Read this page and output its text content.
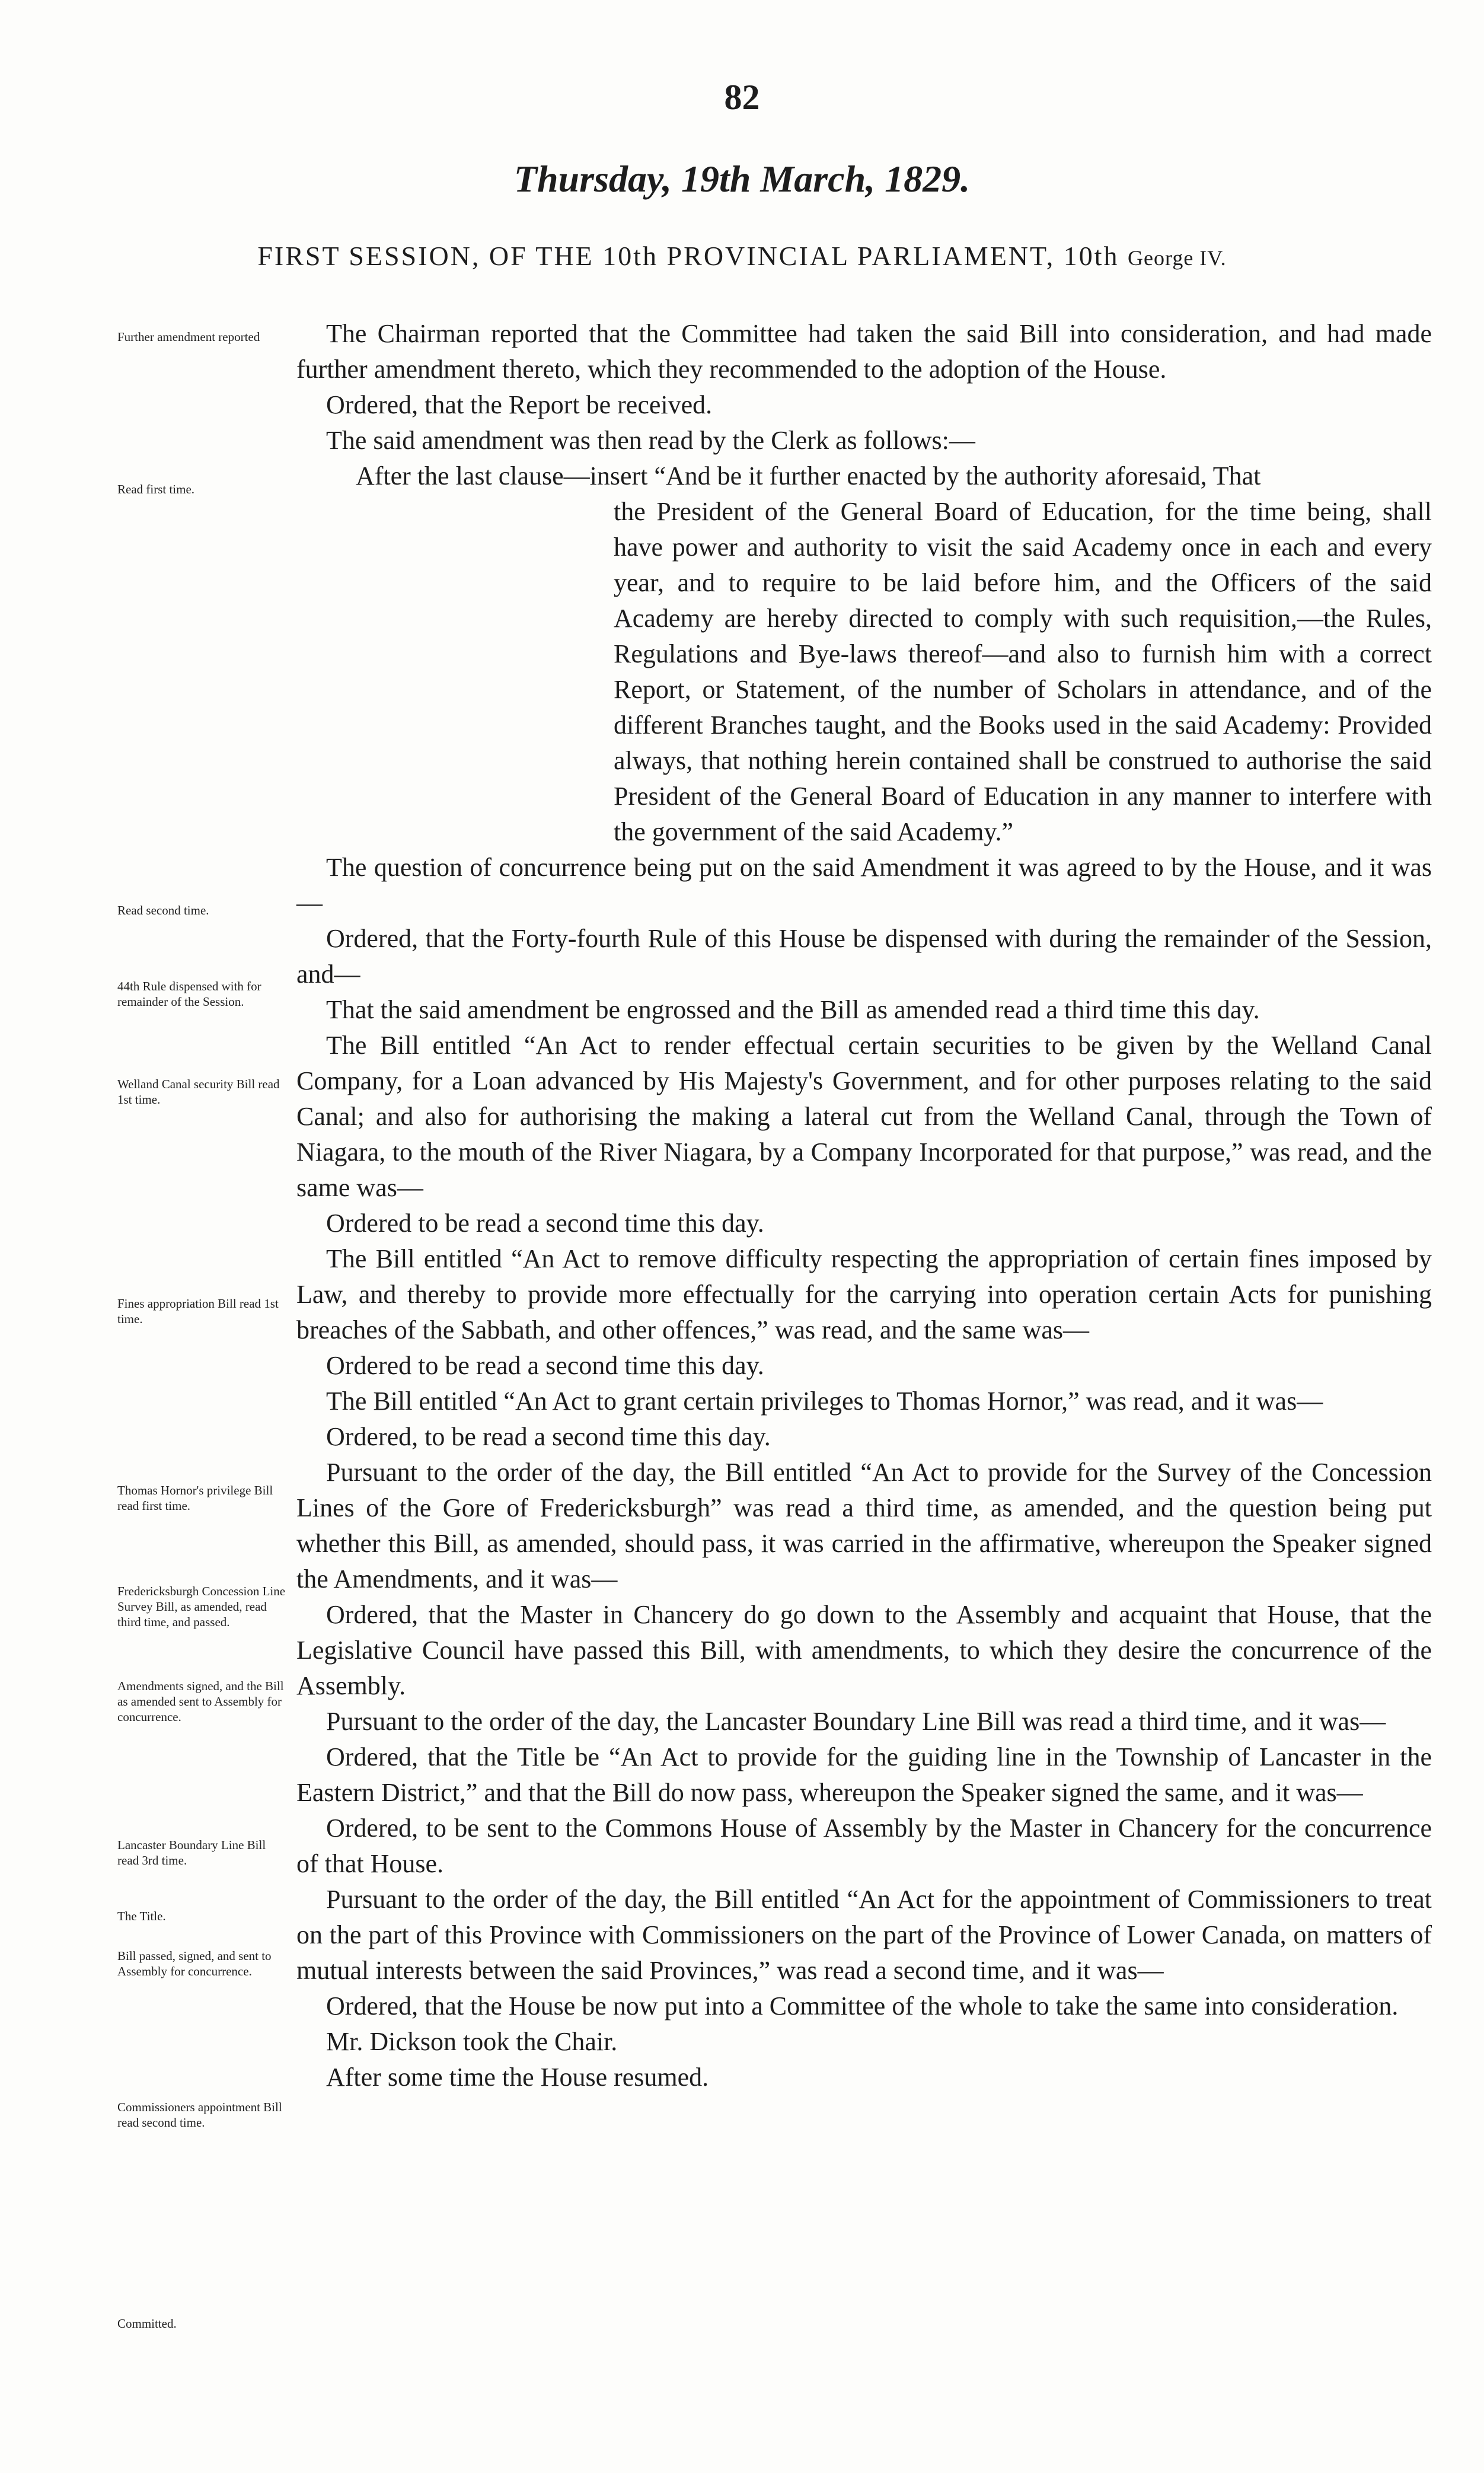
82
Thursday, 19th March, 1829.
FIRST SESSION, OF THE 10th PROVINCIAL PARLIAMENT, 10th George IV.
Further amendment reported
Read first time.
Read second time.
44th Rule dispensed with for remainder of the Session.
Welland Canal security Bill read 1st time.
Fines appropriation Bill read 1st time.
Thomas Hornor's privilege Bill read first time.
Fredericksburgh Concession Line Survey Bill, as amended, read third time, and passed.
Amendments signed, and the Bill as amended sent to Assembly for concurrence.
Lancaster Boundary Line Bill read 3rd time.
The Title.
Bill passed, signed, and sent to Assembly for concurrence.
Commissioners appointment Bill read second time.
Committed.

The Chairman reported that the Committee had taken the said Bill into consideration, and had made further amendment thereto, which they recommended to the adoption of the House.

Ordered, that the Report be received.

The said amendment was then read by the Clerk as follows:—

After the last clause—insert “And be it further enacted by the authority aforesaid, That

the President of the General Board of Education, for the time being, shall have power and authority to visit the said Academy once in each and every year, and to require to be laid before him, and the Officers of the said Academy are hereby directed to comply with such requisition,—the Rules, Regulations and Bye-laws thereof—and also to furnish him with a correct Report, or Statement, of the number of Scholars in attendance, and of the different Branches taught, and the Books used in the said Academy: Provided always, that nothing herein contained shall be construed to authorise the said President of the General Board of Education in any manner to interfere with the government of the said Academy.”

The question of concurrence being put on the said Amendment it was agreed to by the House, and it was—

Ordered, that the Forty-fourth Rule of this House be dispensed with during the remainder of the Session, and—

That the said amendment be engrossed and the Bill as amended read a third time this day.

The Bill entitled “An Act to render effectual certain securities to be given by the Welland Canal Company, for a Loan advanced by His Majesty's Government, and for other purposes relating to the said Canal; and also for authorising the making a lateral cut from the Welland Canal, through the Town of Niagara, to the mouth of the River Niagara, by a Company Incorporated for that purpose,” was read, and the same was—

Ordered to be read a second time this day.

The Bill entitled “An Act to remove difficulty respecting the appropriation of certain fines imposed by Law, and thereby to provide more effectually for the carrying into operation certain Acts for punishing breaches of the Sabbath, and other offences,” was read, and the same was—

Ordered to be read a second time this day.

The Bill entitled “An Act to grant certain privileges to Thomas Hornor,” was read, and it was—

Ordered, to be read a second time this day.

Pursuant to the order of the day, the Bill entitled “An Act to provide for the Survey of the Concession Lines of the Gore of Fredericksburgh” was read a third time, as amended, and the question being put whether this Bill, as amended, should pass, it was carried in the affirmative, whereupon the Speaker signed the Amendments, and it was—

Ordered, that the Master in Chancery do go down to the Assembly and acquaint that House, that the Legislative Council have passed this Bill, with amendments, to which they desire the concurrence of the Assembly.

Pursuant to the order of the day, the Lancaster Boundary Line Bill was read a third time, and it was—

Ordered, that the Title be “An Act to provide for the guiding line in the Township of Lancaster in the Eastern District,” and that the Bill do now pass, whereupon the Speaker signed the same, and it was—

Ordered, to be sent to the Commons House of Assembly by the Master in Chancery for the concurrence of that House.

Pursuant to the order of the day, the Bill entitled “An Act for the appointment of Commissioners to treat on the part of this Province with Commissioners on the part of the Province of Lower Canada, on matters of mutual interests between the said Provinces,” was read a second time, and it was—

Ordered, that the House be now put into a Committee of the whole to take the same into consideration.

Mr. Dickson took the Chair.

After some time the House resumed.
